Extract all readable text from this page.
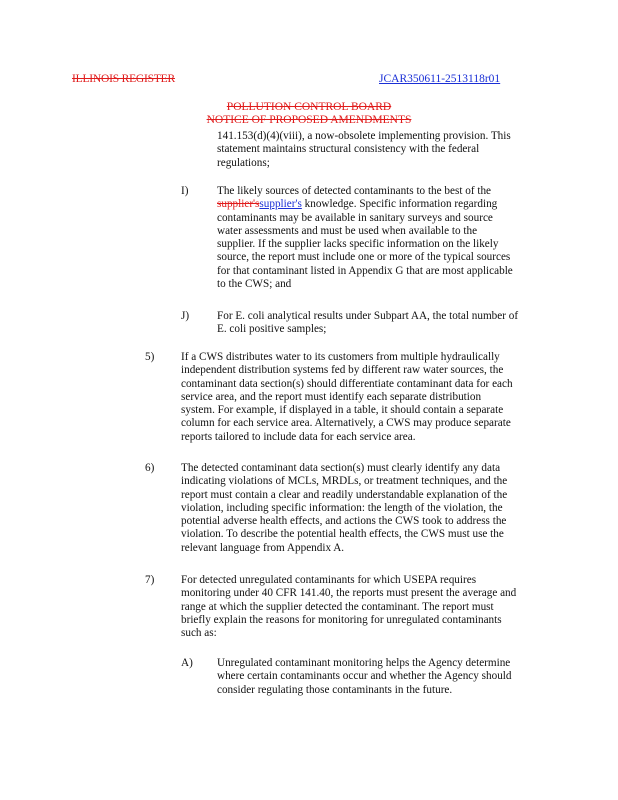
ILLINOIS REGISTER	JCAR350611-2513118r01
POLLUTION CONTROL BOARD
NOTICE OF PROPOSED AMENDMENTS
141.153(d)(4)(viii), a now-obsolete implementing provision. This
statement maintains structural consistency with the federal
regulations;
I)	The likely sources of detected contaminants to the best of the
supplier'ssupplier's knowledge. Specific information regarding
contaminants may be available in sanitary surveys and source
water assessments and must be used when available to the
supplier. If the supplier lacks specific information on the likely
source, the report must include one or more of the typical sources
for that contaminant listed in Appendix G that are most applicable
to the CWS; and
J) For E. coli analytical results under Subpart AA, the total number of
E. coli positive samples;
5) If a CWS distributes water to its customers from multiple hydraulically
independent distribution systems fed by different raw water sources, the
contaminant data section(s) should differentiate contaminant data for each
service area, and the report must identify each separate distribution
system. For example, if displayed in a table, it should contain a separate
column for each service area. Alternatively, a CWS may produce separate
reports tailored to include data for each service area.
6) The detected contaminant data section(s) must clearly identify any data
indicating violations of MCLs, MRDLs, or treatment techniques, and the
report must contain a clear and readily understandable explanation of the
violation, including specific information: the length of the violation, the
potential adverse health effects, and actions the CWS took to address the
violation. To describe the potential health effects, the CWS must use the
relevant language from Appendix A.
7) For detected unregulated contaminants for which USEPA requires
monitoring under 40 CFR 141.40, the reports must present the average and
range at which the supplier detected the contaminant. The report must
briefly explain the reasons for monitoring for unregulated contaminants
such as:
A) Unregulated contaminant monitoring helps the Agency determine
where certain contaminants occur and whether the Agency should
consider regulating those contaminants in the future.
